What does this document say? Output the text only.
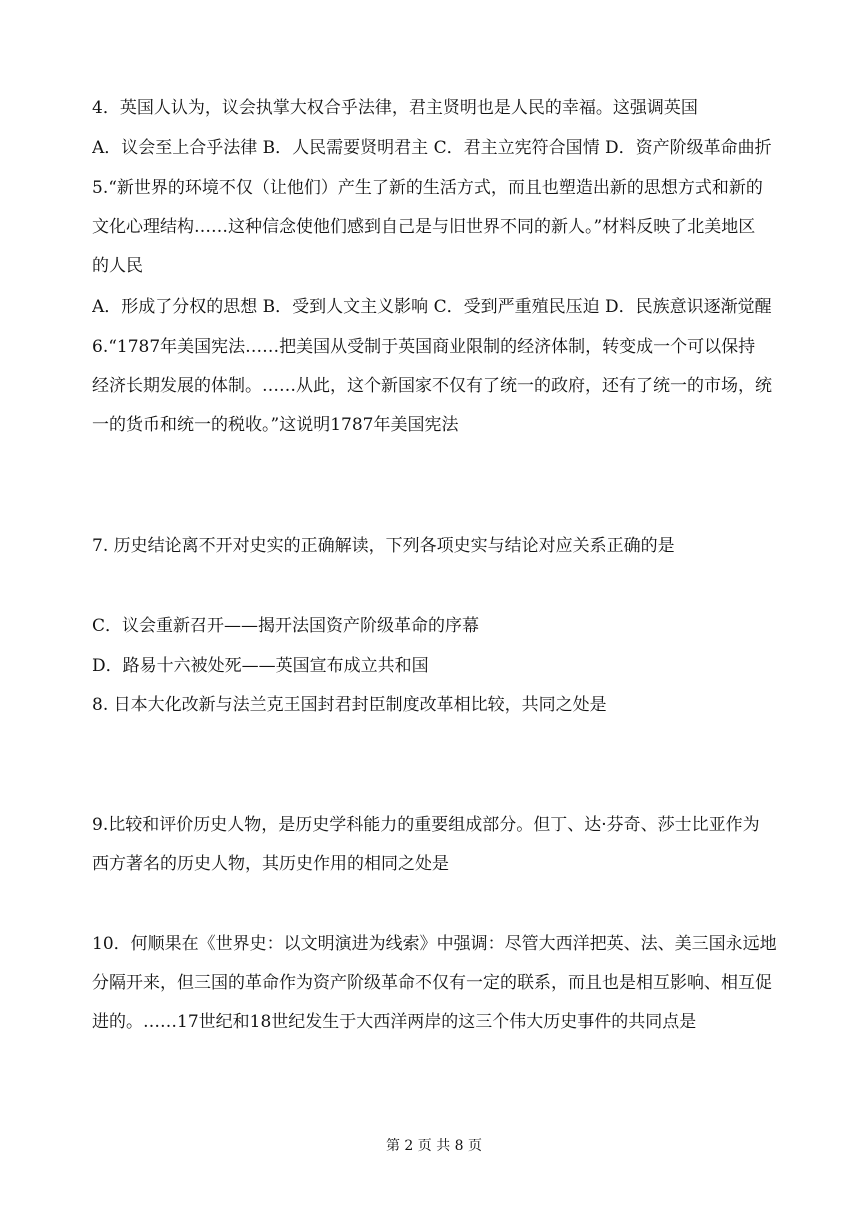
4．英国人认为，议会执掌大权合乎法律，君主贤明也是人民的幸福。这强调英国
A．议会至上合乎法律 B．人民需要贤明君主 C．君主立宪符合国情 D．资产阶级革命曲折
5.“新世界的环境不仅（让他们）产生了新的生活方式，而且也塑造出新的思想方式和新的
文化心理结构……这种信念使他们感到自己是与旧世界不同的新人。”材料反映了北美地区
的人民
A．形成了分权的思想 B．受到人文主义影响 C．受到严重殖民压迫 D．民族意识逐渐觉醒
6.“1787年美国宪法……把美国从受制于英国商业限制的经济体制，转变成一个可以保持
经济长期发展的体制。……从此，这个新国家不仅有了统一的政府，还有了统一的市场，统
一的货币和统一的税收。”这说明1787年美国宪法
7. 历史结论离不开对史实的正确解读，下列各项史实与结论对应关系正确的是
C．议会重新召开——揭开法国资产阶级革命的序幕
D．路易十六被处死——英国宣布成立共和国
8. 日本大化改新与法兰克王国封君封臣制度改革相比较，共同之处是
9.比较和评价历史人物，是历史学科能力的重要组成部分。但丁、达·芬奇、莎士比亚作为
西方著名的历史人物，其历史作用的相同之处是
10．何顺果在《世界史：以文明演进为线索》中强调：尽管大西洋把英、法、美三国永远地
分隔开来，但三国的革命作为资产阶级革命不仅有一定的联系，而且也是相互影响、相互促
进的。……17世纪和18世纪发生于大西洋两岸的这三个伟大历史事件的共同点是
第 2 页 共 8 页
